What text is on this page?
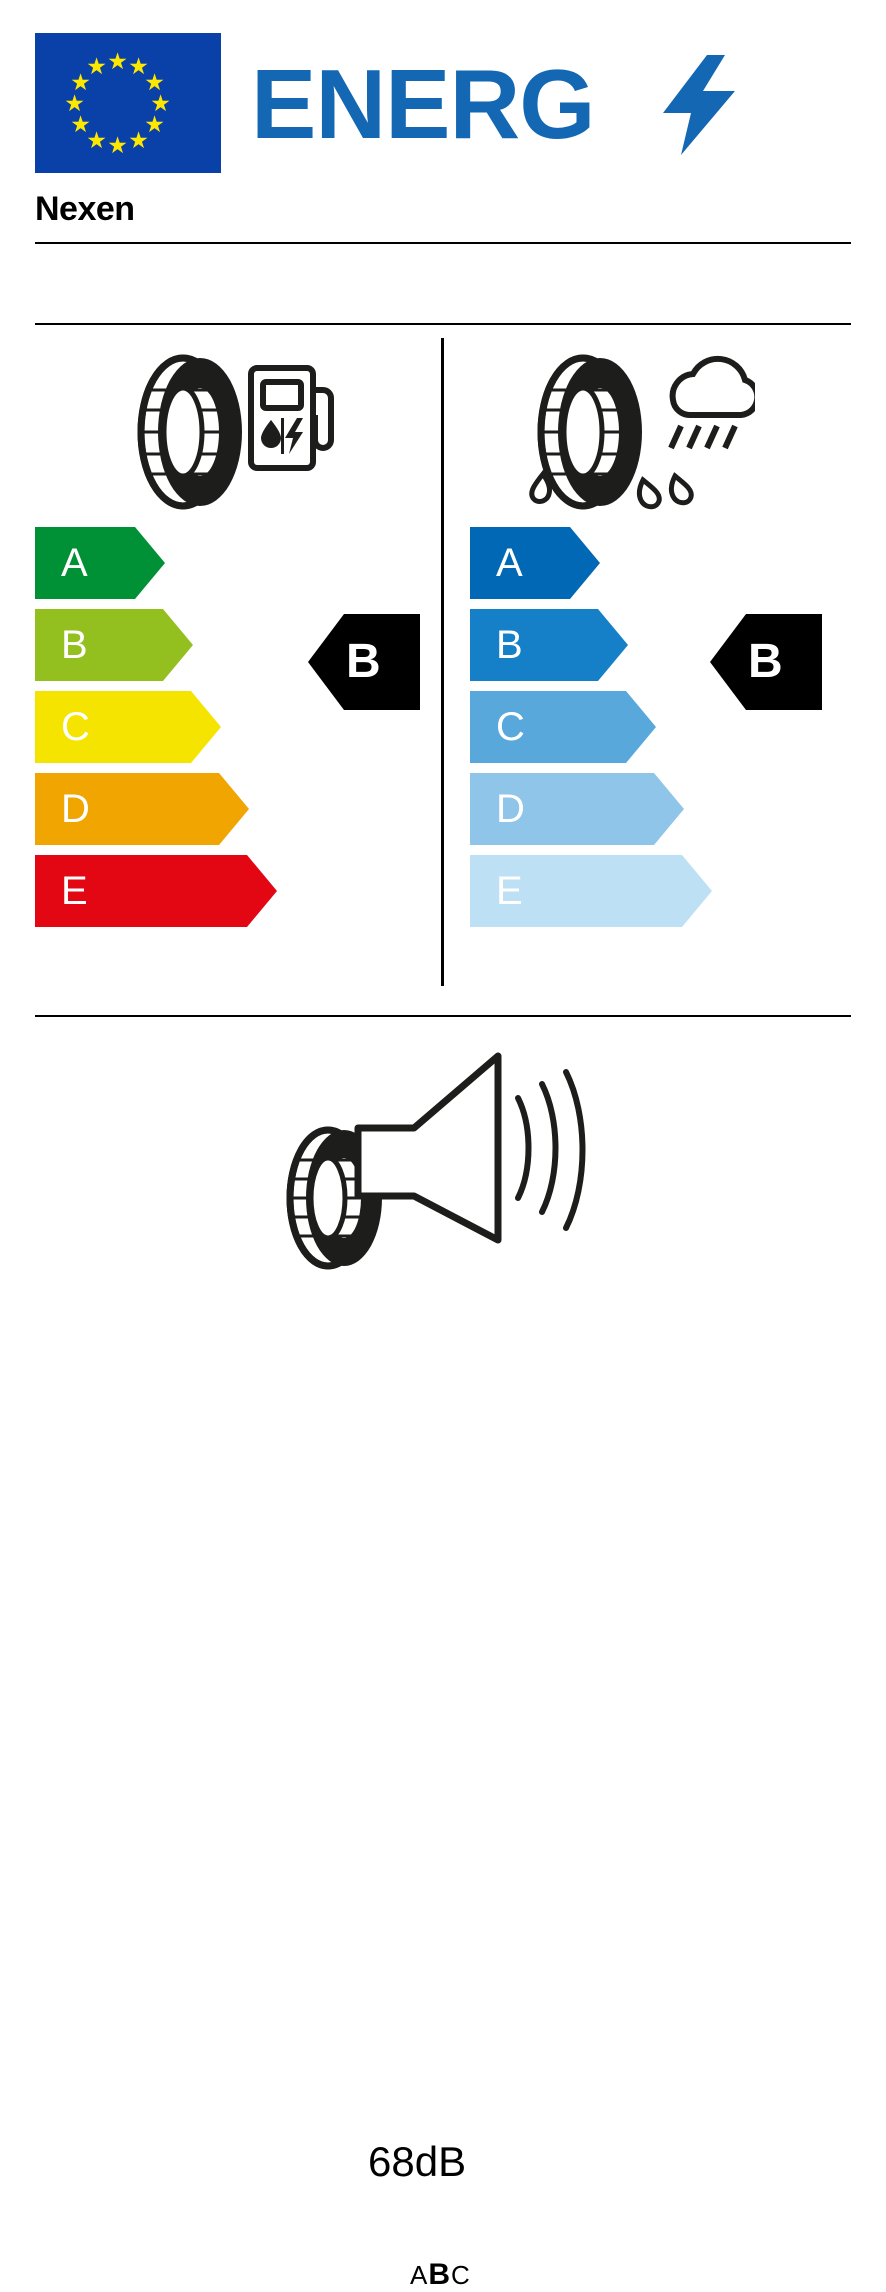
★ ★
★
★
★
★
★
★
★
★
★
★ ENERG
Nexen
A
B
C
D
E
B
A
B
C
D
E
B
68dB
ABC
